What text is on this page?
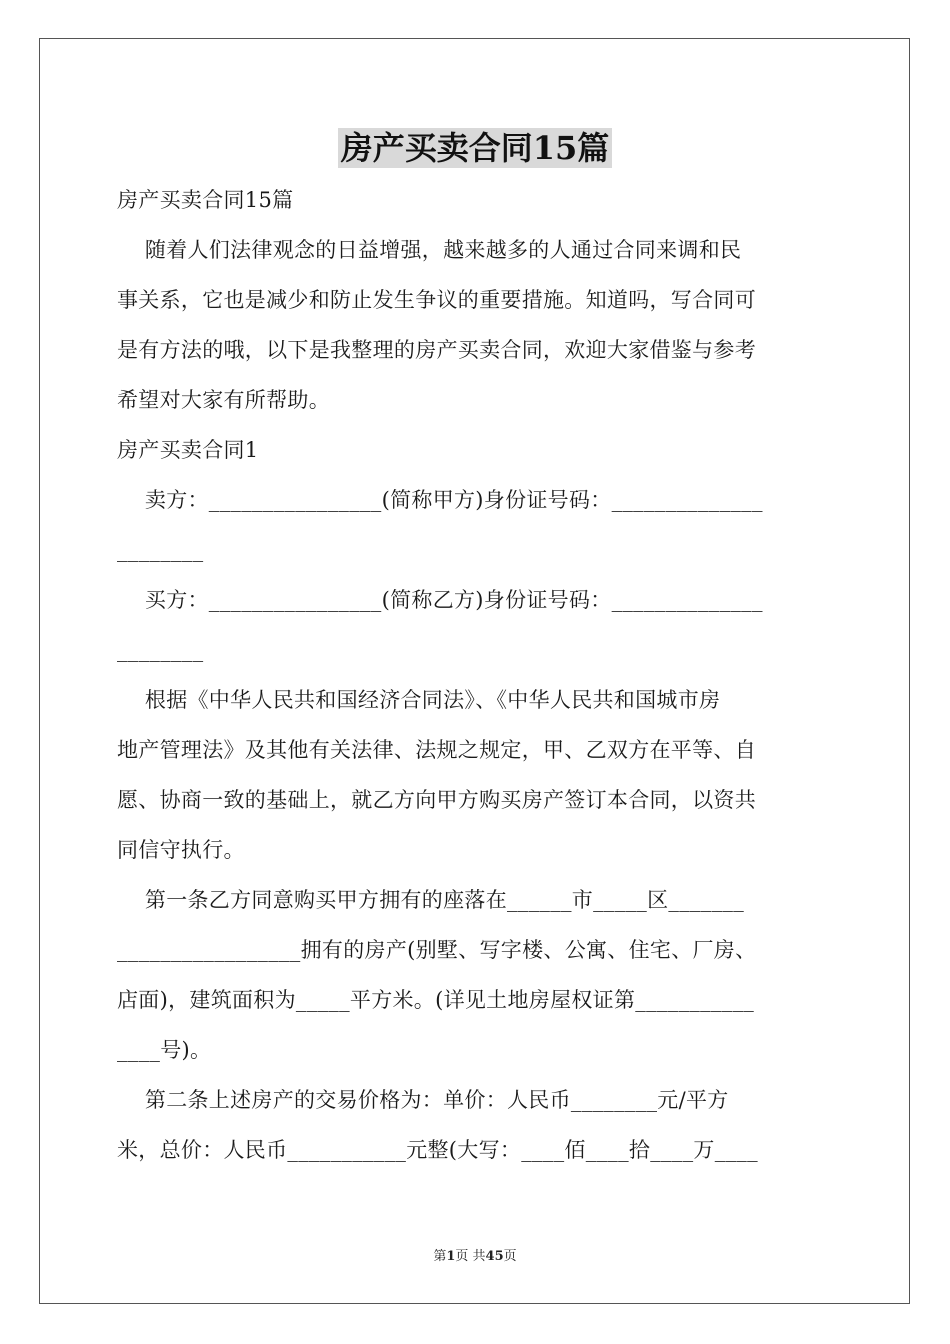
房产买卖合同15篇
房产买卖合同15篇
随着人们法律观念的日益增强，越来越多的人通过合同来调和民
事关系，它也是减少和防止发生争议的重要措施。知道吗，写合同可
是有方法的哦，以下是我整理的房产买卖合同，欢迎大家借鉴与参考
希望对大家有所帮助。
房产买卖合同1
卖方：________________(简称甲方)身份证号码：______________
________
买方：________________(简称乙方)身份证号码：______________
________
根据《中华人民共和国经济合同法》、《中华人民共和国城市房
地产管理法》及其他有关法律、法规之规定，甲、乙双方在平等、自
愿、协商一致的基础上，就乙方向甲方购买房产签订本合同，以资共
同信守执行。
第一条乙方同意购买甲方拥有的座落在______市_____区_______
_________________拥有的房产(别墅、写字楼、公寓、住宅、厂房、
店面)，建筑面积为_____平方米。(详见土地房屋权证第___________
____号)。
第二条上述房产的交易价格为：单价：人民币________元/平方
米，总价：人民币___________元整(大写：____佰____拾____万____
第1页 共45页
